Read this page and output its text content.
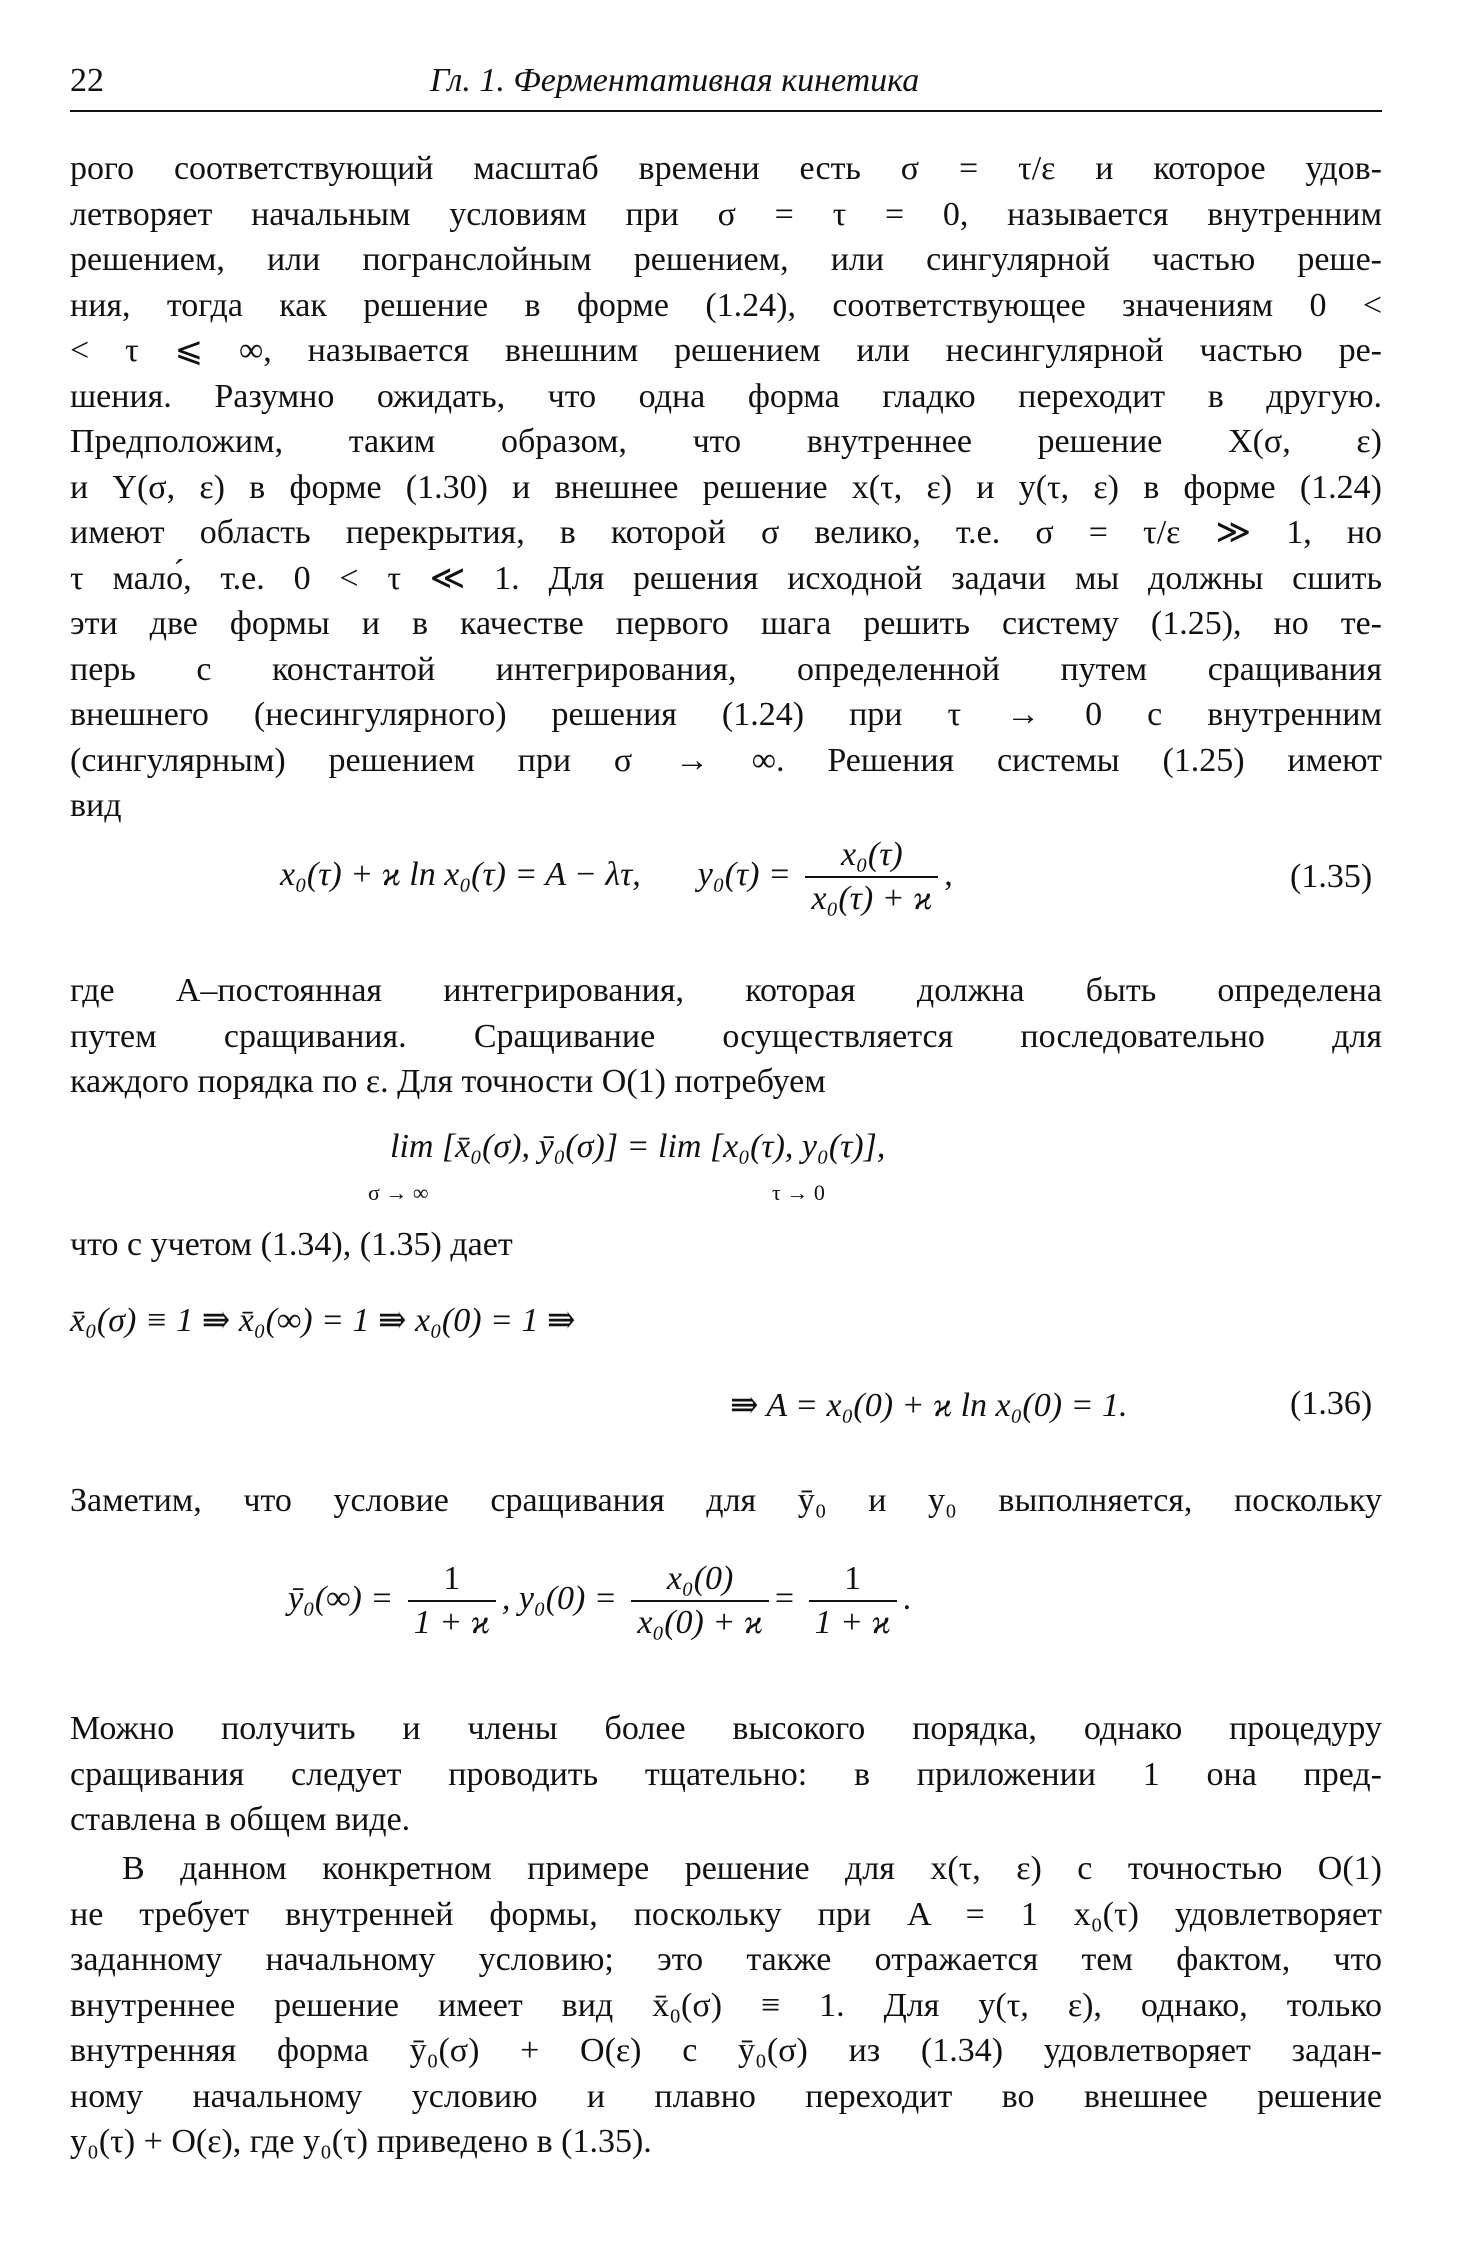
22	Гл. 1. Ферментативная кинетика
рого соответствующий масштаб времени есть σ = τ/ε и которое удов-
летворяет начальным условиям при σ = τ = 0, называется внутренним
решением, или погранслойным решением, или сингулярной частью реше-
ния, тогда как решение в форме (1.24), соответствующее значениям 0 <
< τ ⩽ ∞, называется внешним решением или несингулярной частью ре-
шения. Разумно ожидать, что одна форма гладко переходит в другую.
Предположим, таким образом, что внутреннее решение X(σ, ε)
и Y(σ, ε) в форме (1.30) и внешнее решение x(τ, ε) и y(τ, ε) в форме (1.24)
имеют область перекрытия, в которой σ велико, т.е. σ = τ/ε ≫ 1, но
τ мало́, т.е. 0 < τ ≪ 1. Для решения исходной задачи мы должны сшить
эти две формы и в качестве первого шага решить систему (1.25), но те-
перь с константой интегрирования, определенной путем сращивания
внешнего (несингулярного) решения (1.24) при τ → 0 с внутренним
(сингулярным) решением при σ → ∞. Решения системы (1.25) имеют
вид
x₀(τ) + ϰ ln x₀(τ) = A − λτ, $y_0(\tau) = \frac{\text{x₀(τ)}}{\text{x₀(τ) + ϰ}}$ ,	(1.35)
где A–постоянная интегрирования, которая должна быть определена
путем сращивания. Сращивание осуществляется последовательно для
каждого порядка по ε. Для точности O(1) потребуем
lim [x̄₀(σ), ȳ₀(σ)] = lim [x₀(τ), y₀(τ)],
σ → ∞	τ → 0
что с учетом (1.34), (1.35) дает
x̄₀(σ) ≡ 1 ⇛ x̄₀(∞) = 1 ⇛ x₀(0) = 1 ⇛
⇛ A = x₀(0) + ϰ ln x₀(0) = 1.	(1.36)
Заметим, что условие сращивания для ȳ₀ и y₀ выполняется, поскольку
ȳ₀(∞) = $\frac{1}{1 + ϰ}$ , $y_0(0) = \frac{\text{x₀(0)}}{\text{x₀(0) + ϰ}} = \frac{1}{1 + ϰ}$ .
Можно получить и члены более высокого порядка, однако процедуру
сращивания следует проводить тщательно: в приложении 1 она пред-
ставлена в общем виде.
В данном конкретном примере решение для x(τ, ε) с точностью O(1)
не требует внутренней формы, поскольку при A = 1 x₀(τ) удовлетворяет
заданному начальному условию; это также отражается тем фактом, что
внутреннее решение имеет вид x̄₀(σ) ≡ 1. Для y(τ, ε), однако, только
внутренняя форма ȳ₀(σ) + O(ε) с ȳ₀(σ) из (1.34) удовлетворяет задан-
ному начальному условию и плавно переходит во внешнее решение
y₀(τ) + O(ε), где y₀(τ) приведено в (1.35).
